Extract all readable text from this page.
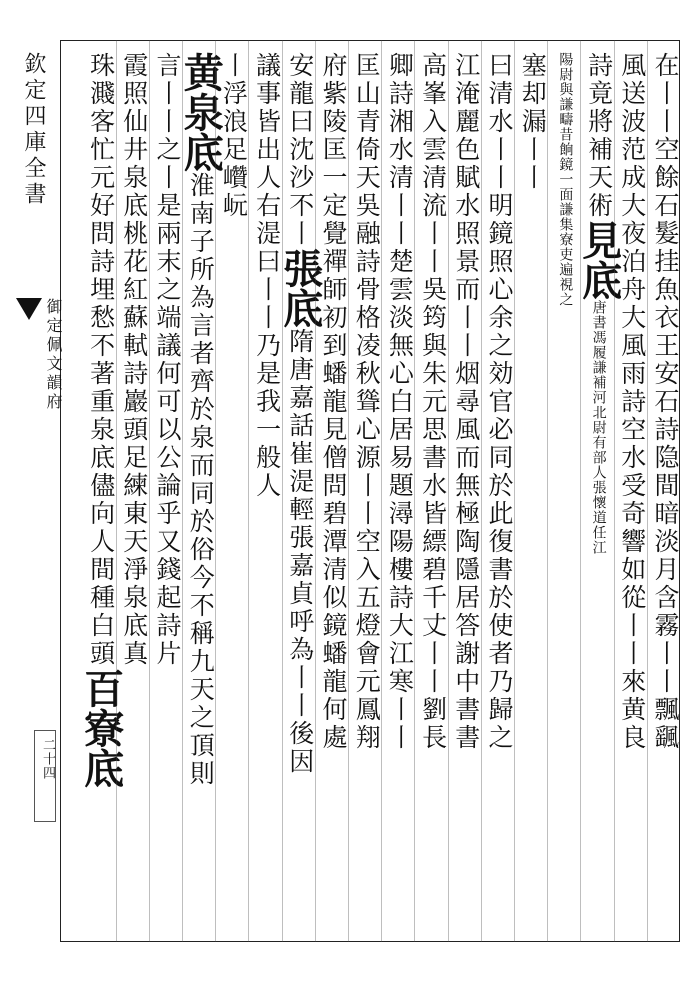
欽定四庫全書
御定佩文韻府
二十四
在丨丨空餘石髮挂魚衣王安石詩隐間暗淡月含霧丨丨飄颻
風送波范成大夜泊舟大風雨詩空水受奇響如從丨丨來黄良
詩竟將補天術見底唐書馮履謙補河北尉有部人張懷道任江
陽尉與謙疇昔餉鏡一面謙集寮吏遍視之
塞却漏丨丨
曰清水丨丨明鏡照心余之効官必同於此復書於使者乃歸之
江淹麗色賦水照景而丨丨烟尋風而無極陶隱居答謝中書書
高峯入雲清流丨丨吳筠與朱元思書水皆縹碧千丈丨丨劉長
卿詩湘水清丨丨楚雲淡無心白居易題潯陽樓詩大江寒丨丨
匡山青倚天吳融詩骨格凌秋聳心源丨丨空入五燈會元鳳翔
府紫陵匡一定覺禪師初到蟠龍見僧問碧潭清似鏡蟠龍何處
安龍曰沈沙不丨張底隋唐嘉話崔湜輕張嘉貞呼為丨丨後因
議事皆出人右湜曰丨丨乃是我一般人
丨浮浪足巑岏
黄泉底淮南子所為言者齊於泉而同於俗今不稱九天之頂則
言丨丨之丨是兩末之端議何可以公論乎又錢起詩片
霞照仙井泉底桃花紅蘇軾詩巖頭足練東天淨泉底真
珠濺客忙元好問詩埋愁不著重泉底儘向人間種白頭百寮底
